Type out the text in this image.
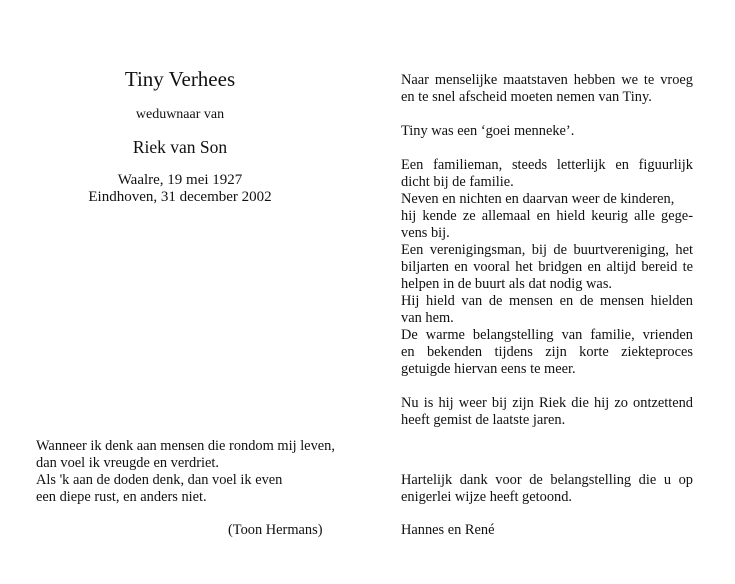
Tiny Verhees
weduwnaar van
Riek van Son
Waalre, 19 mei 1927
Eindhoven, 31 december 2002
Wanneer ik denk aan mensen die rondom mij leven,
dan voel ik vreugde en verdriet.
Als 'k aan de doden denk, dan voel ik even
een diepe rust, en anders niet.
(Toon Hermans)
Naar menselijke maatstaven hebben we te vroeg
en te snel afscheid moeten nemen van Tiny.
Tiny was een ‘goei menneke’.
Een familieman, steeds letterlijk en figuurlijk
dicht bij de familie.
Neven en nichten en daarvan weer de kinderen,
hij kende ze allemaal en hield keurig alle gege-
vens bij.
Een verenigingsman, bij de buurtvereniging, het
biljarten en vooral het bridgen en altijd bereid te
helpen in de buurt als dat nodig was.
Hij hield van de mensen en de mensen hielden
van hem.
De warme belangstelling van familie, vrienden
en bekenden tijdens zijn korte ziekteproces
getuigde hiervan eens te meer.
Nu is hij weer bij zijn Riek die hij zo ontzettend
heeft gemist de laatste jaren.
Hartelijk dank voor de belangstelling die u op
enigerlei wijze heeft getoond.
Hannes en René
